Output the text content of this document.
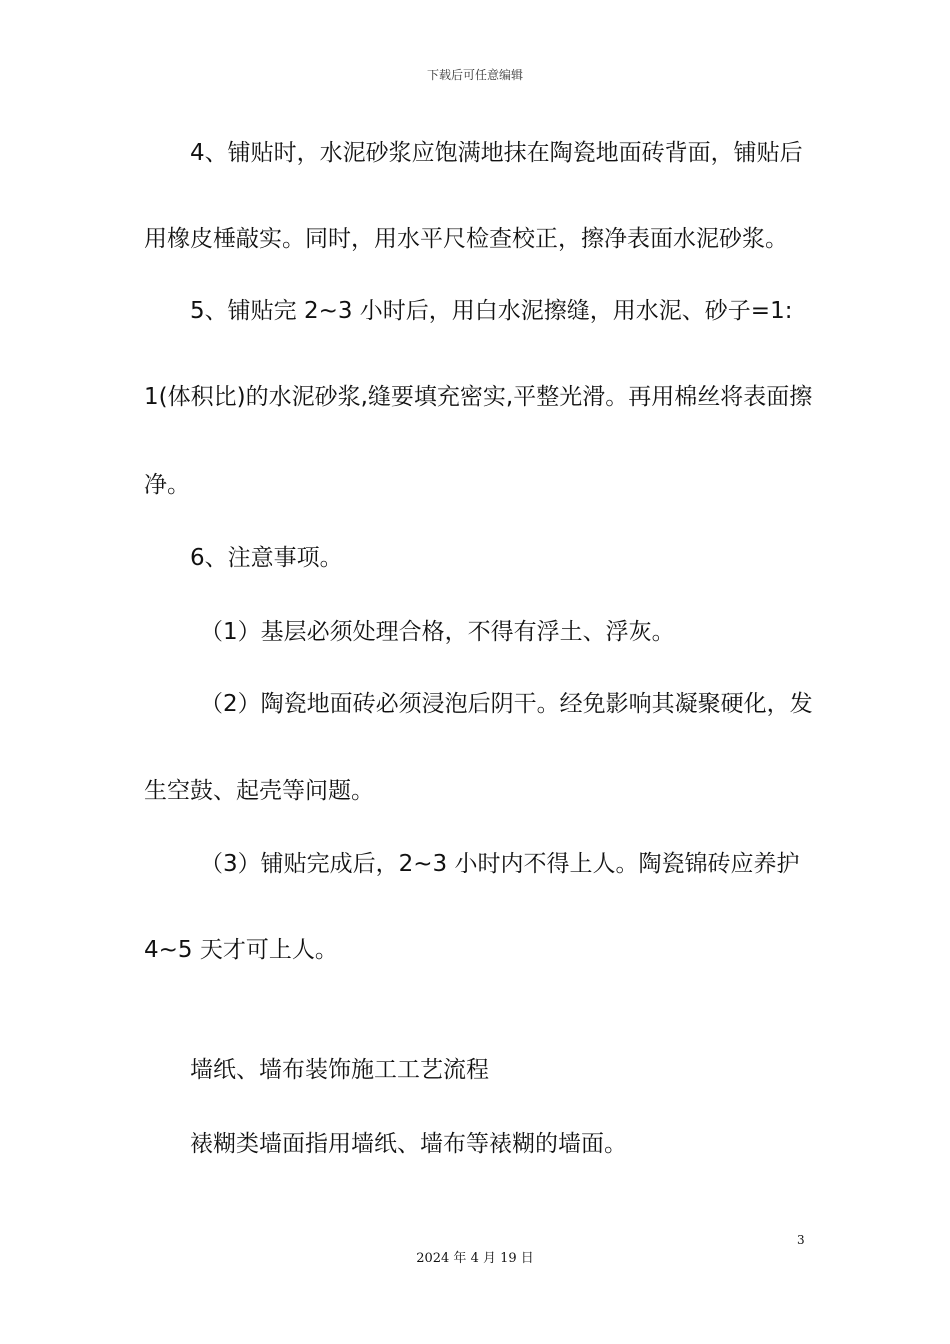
下载后可任意编辑
4、铺贴时，水泥砂浆应饱满地抹在陶瓷地面砖背面，铺贴后
用橡皮棰敲实。同时，用水平尺检查校正，擦净表面水泥砂浆。
5、铺贴完 2~3 小时后，用白水泥擦缝，用水泥、砂子=1:
1(体积比)的水泥砂浆,缝要填充密实,平整光滑。再用棉丝将表面擦
净。
6、注意事项。
（1）基层必须处理合格，不得有浮土、浮灰。
（2）陶瓷地面砖必须浸泡后阴干。经免影响其凝聚硬化，发
生空鼓、起壳等问题。
（3）铺贴完成后，2~3 小时内不得上人。陶瓷锦砖应养护
4~5 天才可上人。
墙纸、墙布装饰施工工艺流程
裱糊类墙面指用墙纸、墙布等裱糊的墙面。
3
2024 年 4 月 19 日
